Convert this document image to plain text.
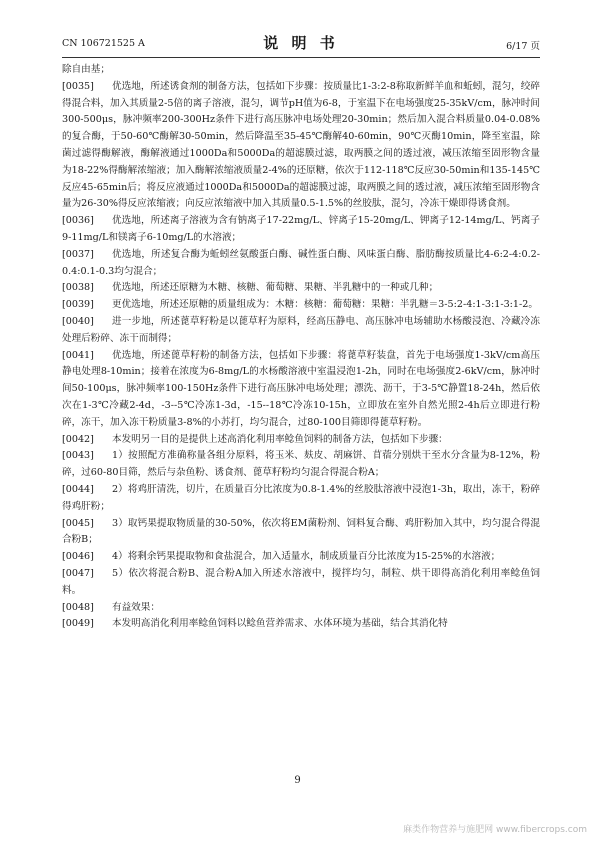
CN 106721525 A	说 明 书	6/17 页
除自由基；
[0035]	优选地，所述诱食剂的制备方法，包括如下步骤：按质量比1-3:2-8称取新鲜羊血和蚯蚓，混匀，绞碎得混合料，加入其质量2-5倍的离子溶液，混匀，调节pH值为6-8，于室温下在电场强度25-35kV/cm，脉冲时间300-500μs，脉冲频率200-300Hz条件下进行高压脉冲电场处理20-30min；然后加入混合料质量0.04-0.08%的复合酶，于50-60℃酶解30-50min，然后降温至35-45℃酶解40-60min，90℃灭酶10min，降至室温，除菌过滤得酶解液，酶解液通过1000Da和5000Da的超滤膜过滤，取两膜之间的透过液，减压浓缩至固形物含量为18-22%得酶解浓缩液；加入酶解浓缩液质量2-4%的还原糖，依次于112-118℃反应30-50min和135-145℃反应45-65min后；将反应液通过1000Da和5000Da的超滤膜过滤，取两膜之间的透过液，减压浓缩至固形物含量为26-30%得反应浓缩液；向反应浓缩液中加入其质量0.5-1.5%的丝胶肽，混匀，冷冻干燥即得诱食剂。
[0036]	优选地，所述离子溶液为含有钠离子17-22mg/L、锌离子15-20mg/L、钾离子12-14mg/L、钙离子9-11mg/L和镁离子6-10mg/L的水溶液；
[0037]	优选地，所述复合酶为蚯蚓丝氨酸蛋白酶、碱性蛋白酶、风味蛋白酶、脂肪酶按质量比4-6:2-4:0.2-0.4:0.1-0.3均匀混合；
[0038]	优选地，所述还原糖为木糖、核糖、葡萄糖、果糖、半乳糖中的一种或几种；
[0039]	更优选地，所述还原糖的质量组成为：木糖：核糖：葡萄糖：果糖：半乳糖＝3-5:2-4:1-3:1-3:1-2。
[0040]	进一步地，所述蓖草籽粉是以蓖草籽为原料，经高压静电、高压脉冲电场辅助水杨酸浸泡、冷藏冷冻处理后粉碎、冻干而制得；
[0041]	优选地，所述蓖草籽粉的制备方法，包括如下步骤：将蓖草籽装盘，首先于电场强度1-3kV/cm高压静电处理8-10min；接着在浓度为6-8mg/L的水杨酸溶液中室温浸泡1-2h，同时在电场强度2-6kV/cm，脉冲时间50-100μs，脉冲频率100-150Hz条件下进行高压脉冲电场处理；漂洗、沥干，于3-5℃静置18-24h，然后依次在1-3℃冷藏2-4d，-3--5℃冷冻1-3d，-15--18℃冷冻10-15h，立即放在室外自然光照2-4h后立即进行粉碎，冻干，加入冻干粉质量3-8%的小苏打，均匀混合，过80-100目筛即得蓖草籽粉。
[0042]	本发明另一目的是提供上述高消化利用率鲶鱼饲料的制备方法，包括如下步骤：
[0043]	1）按照配方准确称量各组分原料，将玉米、麸皮、胡麻饼、苜蓿分别烘干至水分含量为8-12%，粉碎，过60-80目筛，然后与杂鱼粉、诱食剂、蓖草籽粉均匀混合得混合粉A；
[0044]	2）将鸡肝清洗，切片，在质量百分比浓度为0.8-1.4%的丝胶肽溶液中浸泡1-3h，取出，冻干，粉碎得鸡肝粉；
[0045]	3）取钙果提取物质量的30-50%，依次将EM菌粉剂、饲料复合酶、鸡肝粉加入其中，均匀混合得混合粉B；
[0046]	4）将剩余钙果提取物和食盐混合，加入适量水，制成质量百分比浓度为15-25%的水溶液；
[0047]	5）依次将混合粉B、混合粉A加入所述水溶液中，搅拌均匀，制粒、烘干即得高消化利用率鲶鱼饲料。
[0048]	有益效果：
[0049]	本发明高消化利用率鲶鱼饲料以鲶鱼营养需求、水体环境为基础，结合其消化特
9
麻类作物营养与施肥网 www.fibercrops.com
